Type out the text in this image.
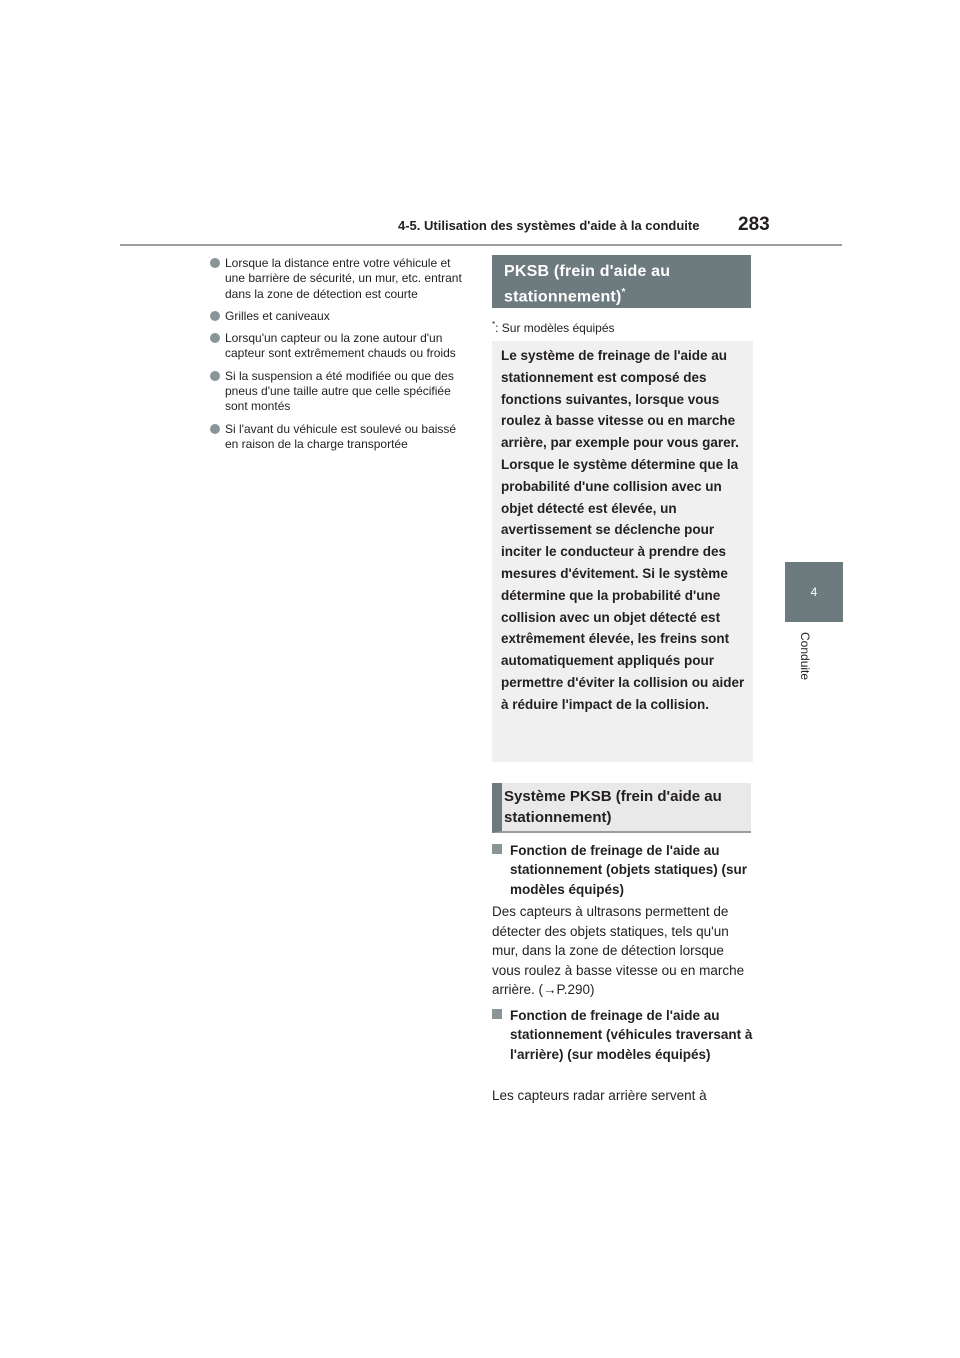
4-5. Utilisation des systèmes d'aide à la conduite 283
4
Conduite
Lorsque la distance entre votre véhicule et une barrière de sécurité, un mur, etc. entrant dans la zone de détection est courte
Grilles et caniveaux
Lorsqu'un capteur ou la zone autour d'un capteur sont extrêmement chauds ou froids
Si la suspension a été modifiée ou que des pneus d'une taille autre que celle spécifiée sont montés
Si l'avant du véhicule est soulevé ou baissé en raison de la charge transportée
PKSB (frein d'aide au stationnement)*
*: Sur modèles équipés
Le système de freinage de l'aide au stationnement est composé des fonctions suivantes, lorsque vous roulez à basse vitesse ou en marche arrière, par exemple pour vous garer. Lorsque le système détermine que la probabilité d'une collision avec un objet détecté est élevée, un avertissement se déclenche pour inciter le conducteur à prendre des mesures d'évitement. Si le système détermine que la probabilité d'une collision avec un objet détecté est extrêmement élevée, les freins sont automatiquement appliqués pour permettre d'éviter la collision ou aider à réduire l'impact de la collision.
Système PKSB (frein d'aide au stationnement)
Fonction de freinage de l'aide au stationnement (objets statiques) (sur modèles équipés)
Des capteurs à ultrasons permettent de détecter des objets statiques, tels qu'un mur, dans la zone de détection lorsque vous roulez à basse vitesse ou en marche arrière. (→P.290)
Fonction de freinage de l'aide au stationnement (véhicules traversant à l'arrière) (sur modèles équipés)
Les capteurs radar arrière servent à
